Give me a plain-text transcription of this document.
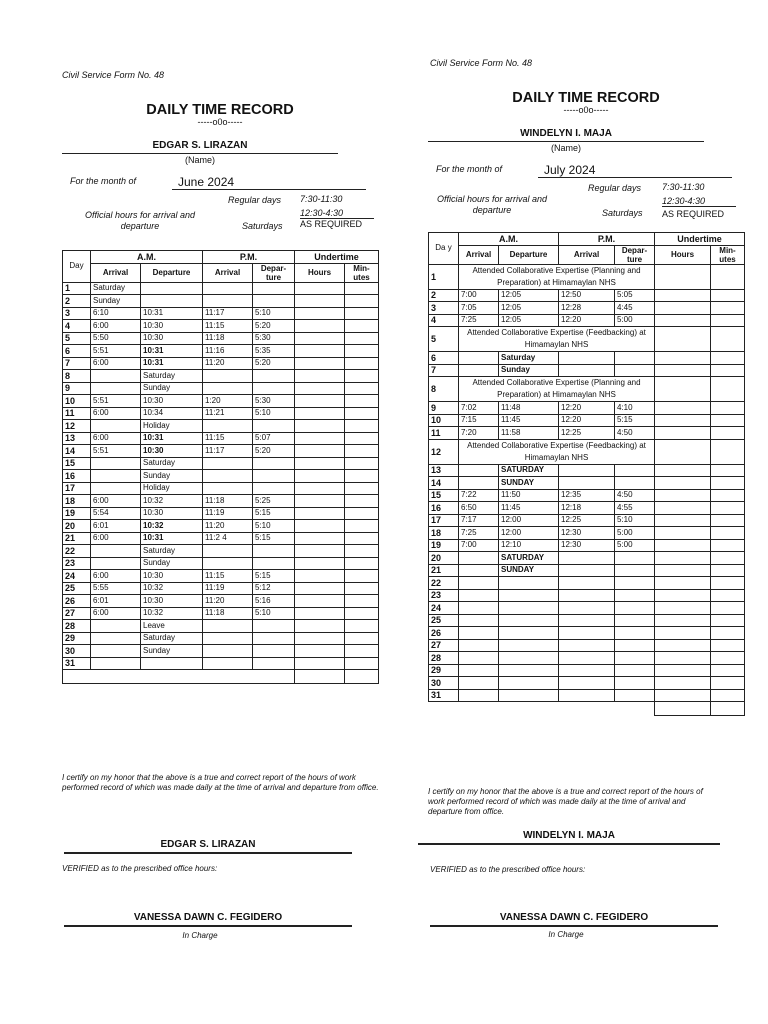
Civil Service Form No. 48
DAILY TIME RECORD
-----o0o-----
EDGAR S. LIRAZAN
(Name)
For the month of	June 2024
Regular days 7:30-11:30
12:30-4:30
Official hours for arrival and departure	Saturdays AS REQUIRED
Day	A.M.		P.M.		Undertime	
	Arrival	Departure	Arrival	Depar- ture	Hours	Min- utes
1	Saturday					
2	Sunday					
3	6:10	10:31	11:17	5:10		
4	6:00	10:30	11:15	5:20		
5	5:50	10:30	11:18	5:30		
6	5:51	10:31	11:16	5:35		
7	6:00	10:31	11:20	5:20		
8		Saturday				
9		Sunday				
10	5:51	10:30	1:20	5:30		
11	6:00	10:34	11:21	5:10		
12		Holiday				
13	6:00	10:31	11:15	5:07		
14	5:51	10:30	11:17	5:20		
15		Saturday				
16		Sunday				
17		Holiday				
18	6:00	10:32	11:18	5:25		
19	5:54	10:30	11:19	5:15		
20	6:01	10:32	11:20	5:10		
21	6:00	10:31	11:2 4	5:15		
22		Saturday				
23		Sunday				
24	6:00	10:30	11:15	5:15		
25	5:55	10:32	11:19	5:12		
26	6:01	10:30	11:20	5:16		
27	6:00	10:32	11:18	5:10		
28		Leave				
29		Saturday				
30		Sunday				
31						

Civil Service Form No. 48
DAILY TIME RECORD
-----o0o-----
WINDELYN I. MAJA
(Name)
For the month of	July 2024
Regular days 7:30-11:30
12:30-4:30
Official hours for arrival and departure	Saturdays AS REQUIRED
Da y	A.M.		P.M.		Undertime	
	Arrival	Departure	Arrival	Depar- ture	Hours	Min- utes
1	Attended Collaborative Expertise (Planning and Preparation) at Himamaylan NHS					
2	7:00	12:05	12:50	5:05		
3	7:05	12:05	12:28	4:45		
4	7:25	12:05	12:20	5:00		
5	Attended Collaborative Expertise (Feedbacking) at Himamaylan NHS					
6		Saturday				
7		Sunday				
8	Attended Collaborative Expertise (Planning and Preparation) at Himamaylan NHS					
9	7:02	11:48	12:20	4:10		
10	7:15	11:45	12:20	5:15		
11	7:20	11:58	12:25	4:50		
12	Attended Collaborative Expertise (Feedbacking) at Himamaylan NHS					
13		SATURDAY				
14		SUNDAY				
15	7:22	11:50	12:35	4:50		
16	6:50	11:45	12:18	4:55		
17	7:17	12:00	12:25	5:10		
18	7:25	12:00	12:30	5:00		
19	7:00	12:10	12:30	5:00		
20		SATURDAY				
21		SUNDAY				
22						
23						
24						
25						
26						
27						
28						
29						
30						
31						

I certify on my honor that the above is a true and correct report of the hours of work performed record of which was made daily at the time of arrival and departure from office.
EDGAR S. LIRAZAN
VERIFIED as to the prescribed office hours:
VANESSA DAWN C. FEGIDERO
In Charge
I certify on my honor that the above is a true and correct report of the hours of work performed record of which was made daily at the time of arrival and departure from office.
WINDELYN I. MAJA
VERIFIED as to the prescribed office hours:
VANESSA DAWN C. FEGIDERO
In Charge
